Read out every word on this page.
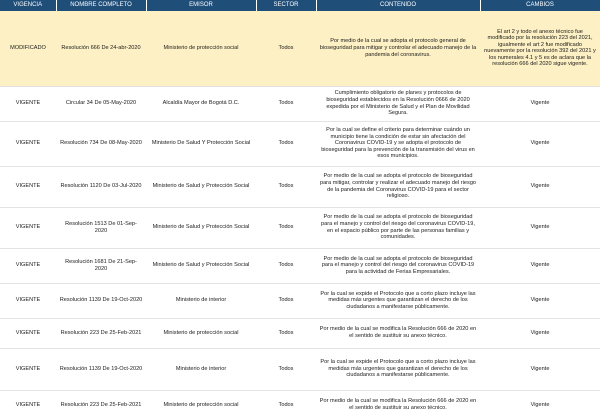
VIGENCIA	NOMBRE COMPLETO	EMISOR	SECTOR	CONTENIDO	CAMBIOS
MODIFICADO	Resolución 666 De 24-abr-2020	Ministerio de protección social	Todos	Por medio de la cual se adopta el protocolo general de bioseguridad para mitigar y controlar el adecuado manejo de la pandemia del coronavirus.	El art 2 y todo el anexo técnico fue modificado por la resolución 223 del 2021, igualmente el art 2 fue modificado nuevamente por la resolución 392 del 2021 y los numerales 4.1 y 5 es de aclara que la resolución 666 del 2020 sigue vigente.
VIGENTE	Circular 34 De 05-May-2020	Alcaldía Mayor de Bogotá D.C.	Todos	Cumplimiento obligatorio de planes y protocolos de bioseguridad establecidos en la Resolución 0666 de 2020 expedida por el Ministerio de Salud y el Plan de Movilidad Segura.	Vigente
VIGENTE	Resolución 734 De 08-May-2020	Ministerio De Salud Y Protección Social	Todos	Por la cual se define el criterio para determinar cuándo un municipio tiene la condición de estar sin afectación del Coronavirus COVID-19 y se adopta el protocolo de bioseguridad para la prevención de la transmisión del virus en esos municipios.	Vigente
VIGENTE	Resolución 1120 De 03-Jul-2020	Ministerio de Salud y Protección Social	Todos	Por medio de la cual se adopta el protocolo de bioseguridad para mitigar, controlar y realizar el adecuado manejo del riesgo de la pandemia del Coronavirus COVID-19 para el sector religioso.	Vigente
VIGENTE	Resolución 1513 De 01-Sep-2020	Ministerio de Salud y Protección Social	Todos	Por medio de la cual se adopta el protocolo de bioseguridad para el manejo y control del riesgo del coronavirus COVID-19, en el espacio público por parte de las personas familias y comunidades.	Vigente
VIGENTE	Resolución 1681 De 21-Sep-2020	Ministerio de Salud y Protección Social	Todos	Por medio de la cual se adopta el protocolo de bioseguridad para el manejo y control del riesgo del coronavirus COVID-19 para la actividad de Ferias Empresariales.	Vigente
VIGENTE	Resolución 1139 De 19-Oct-2020	Ministerio de interior	Todos	Por la cual se expide el Protocolo que a corto plazo incluye las medidas más urgentes que garantizan el derecho de los ciudadanos a manifestarse públicamente.	Vigente
VIGENTE	Resolución 223 De 25-Feb-2021	Ministerio de protección social	Todos	Por medio de la cual se modifica la Resolución 666 de 2020 en el sentido de sustituir su anexo técnico.	Vigente
VIGENTE	Resolución 1139 De 19-Oct-2020	Ministerio de interior	Todos	Por la cual se expide el Protocolo que a corto plazo incluye las medidas más urgentes que garantizan el derecho de los ciudadanos a manifestarse públicamente.	Vigente
VIGENTE	Resolución 223 De 25-Feb-2021	Ministerio de protección social	Todos	Por medio de la cual se modifica la Resolución 666 de 2020 en el sentido de sustituir su anexo técnico.	Vigente
